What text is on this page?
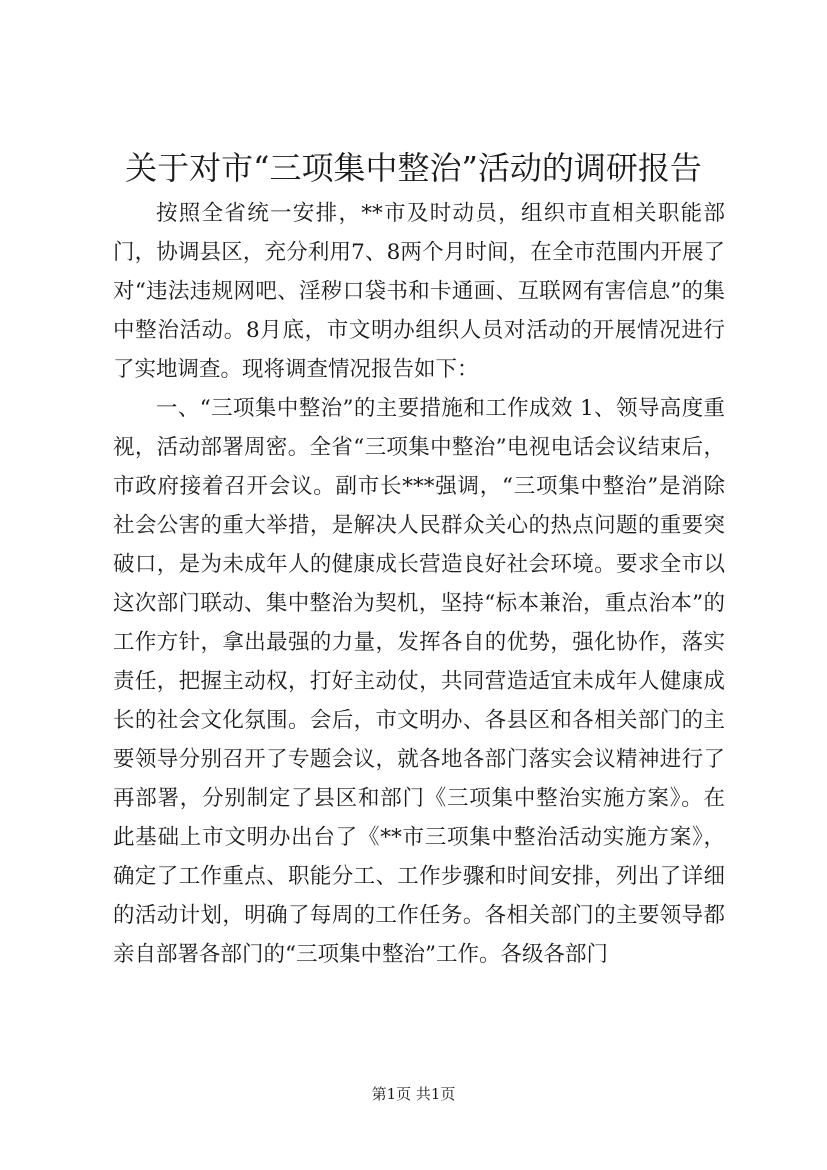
关于对市“三项集中整治”活动的调研报告

按照全省统一安排，**市及时动员，组织市直相关职能部门，协调县区，充分利用7、8两个月时间，在全市范围内开展了对“违法违规网吧、淫秽口袋书和卡通画、互联网有害信息”的集中整治活动。8月底，市文明办组织人员对活动的开展情况进行了实地调查。现将调查情况报告如下：

一、“三项集中整治”的主要措施和工作成效 1、领导高度重视，活动部署周密。全省“三项集中整治”电视电话会议结束后，市政府接着召开会议。副市长***强调，“三项集中整治”是消除社会公害的重大举措，是解决人民群众关心的热点问题的重要突破口，是为未成年人的健康成长营造良好社会环境。要求全市以这次部门联动、集中整治为契机，坚持“标本兼治，重点治本”的工作方针，拿出最强的力量，发挥各自的优势，强化协作，落实责任，把握主动权，打好主动仗，共同营造适宜未成年人健康成长的社会文化氛围。会后，市文明办、各县区和各相关部门的主要领导分别召开了专题会议，就各地各部门落实会议精神进行了再部署，分别制定了县区和部门《三项集中整治实施方案》。在此基础上市文明办出台了《**市三项集中整治活动实施方案》，确定了工作重点、职能分工、工作步骤和时间安排，列出了详细的活动计划，明确了每周的工作任务。各相关部门的主要领导都亲自部署各部门的“三项集中整治”工作。各级各部门

第1页 共1页
